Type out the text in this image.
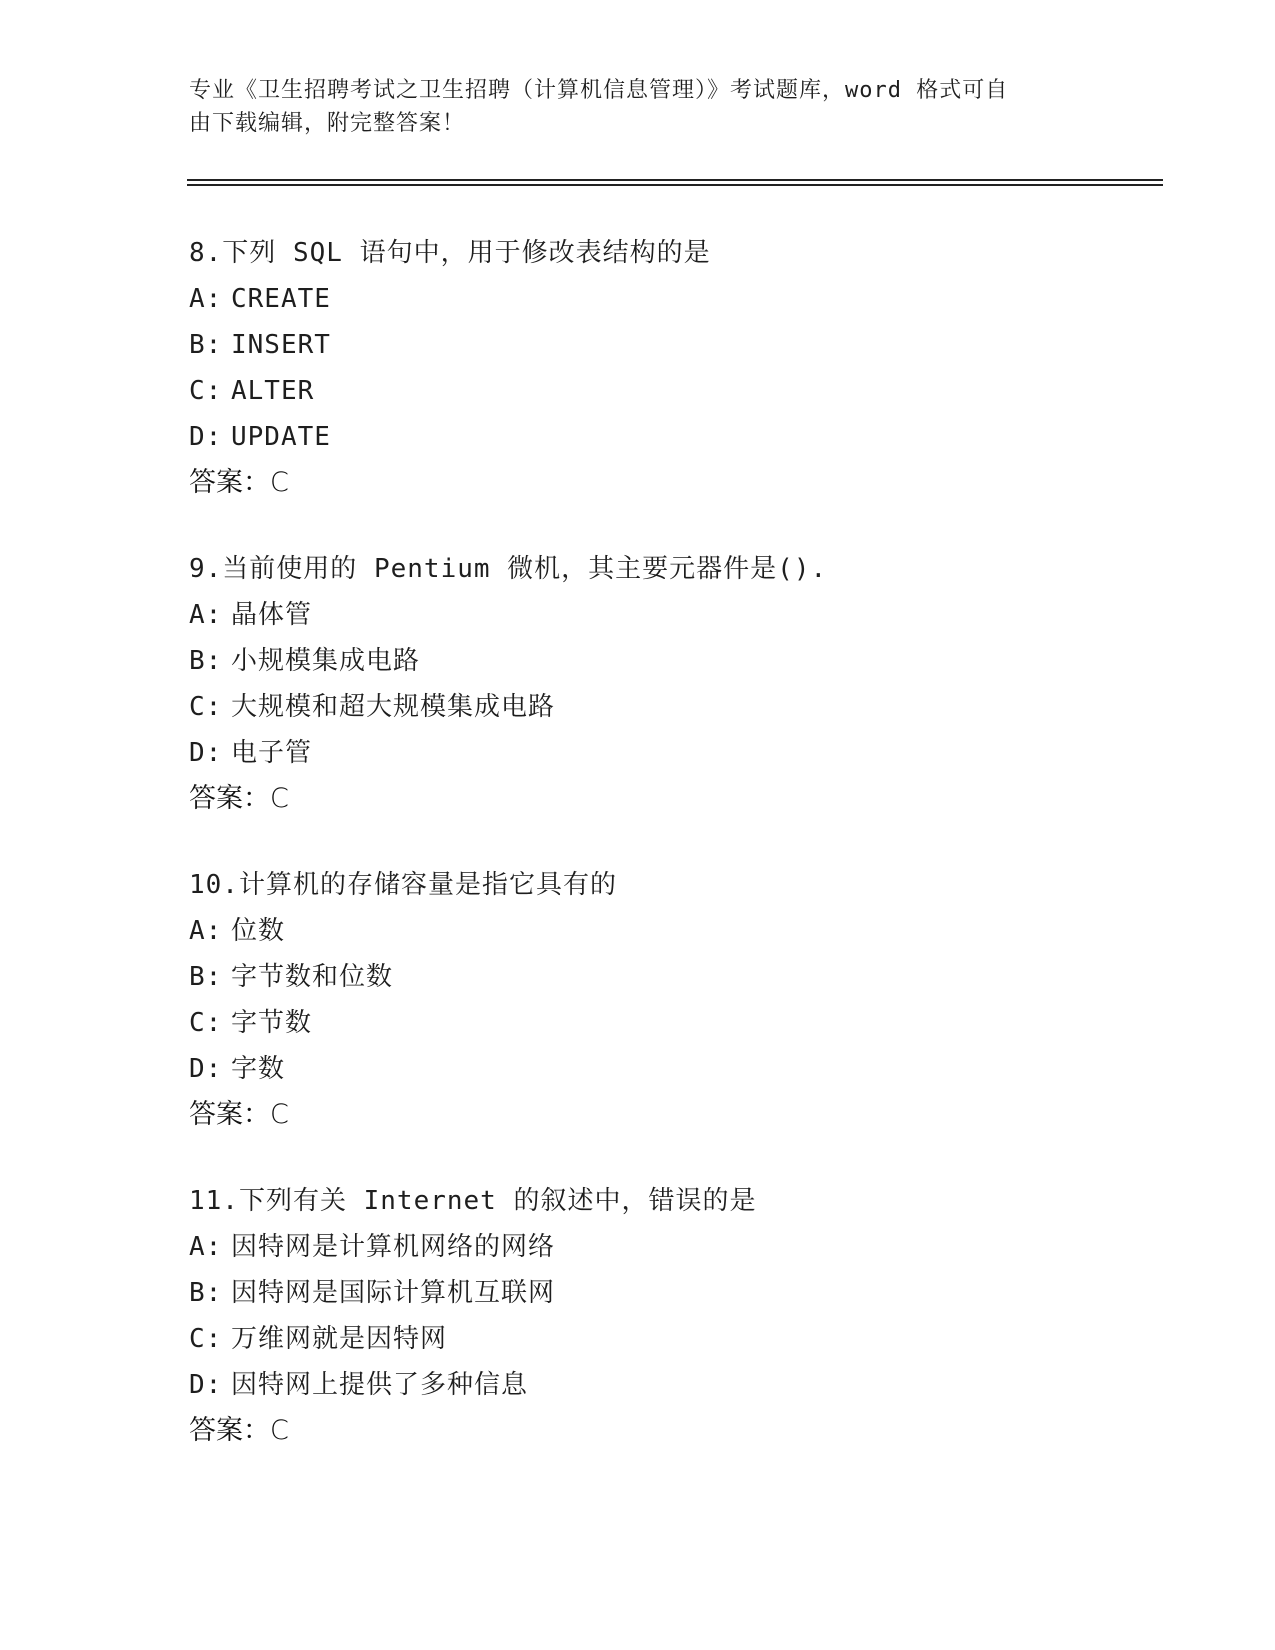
专业《卫生招聘考试之卫生招聘（计算机信息管理）》考试题库，word 格式可自
由下载编辑，附完整答案！
8.下列 SQL 语句中，用于修改表结构的是
A: CREATE
B: INSERT
C: ALTER
D: UPDATE
答案：C
9.当前使用的 Pentium 微机，其主要元器件是().
A: 晶体管
B: 小规模集成电路
C: 大规模和超大规模集成电路
D: 电子管
答案：C
10.计算机的存储容量是指它具有的
A: 位数
B: 字节数和位数
C: 字节数
D: 字数
答案：C
11.下列有关 Internet 的叙述中，错误的是
A: 因特网是计算机网络的网络
B: 因特网是国际计算机互联网
C: 万维网就是因特网
D: 因特网上提供了多种信息
答案：C
